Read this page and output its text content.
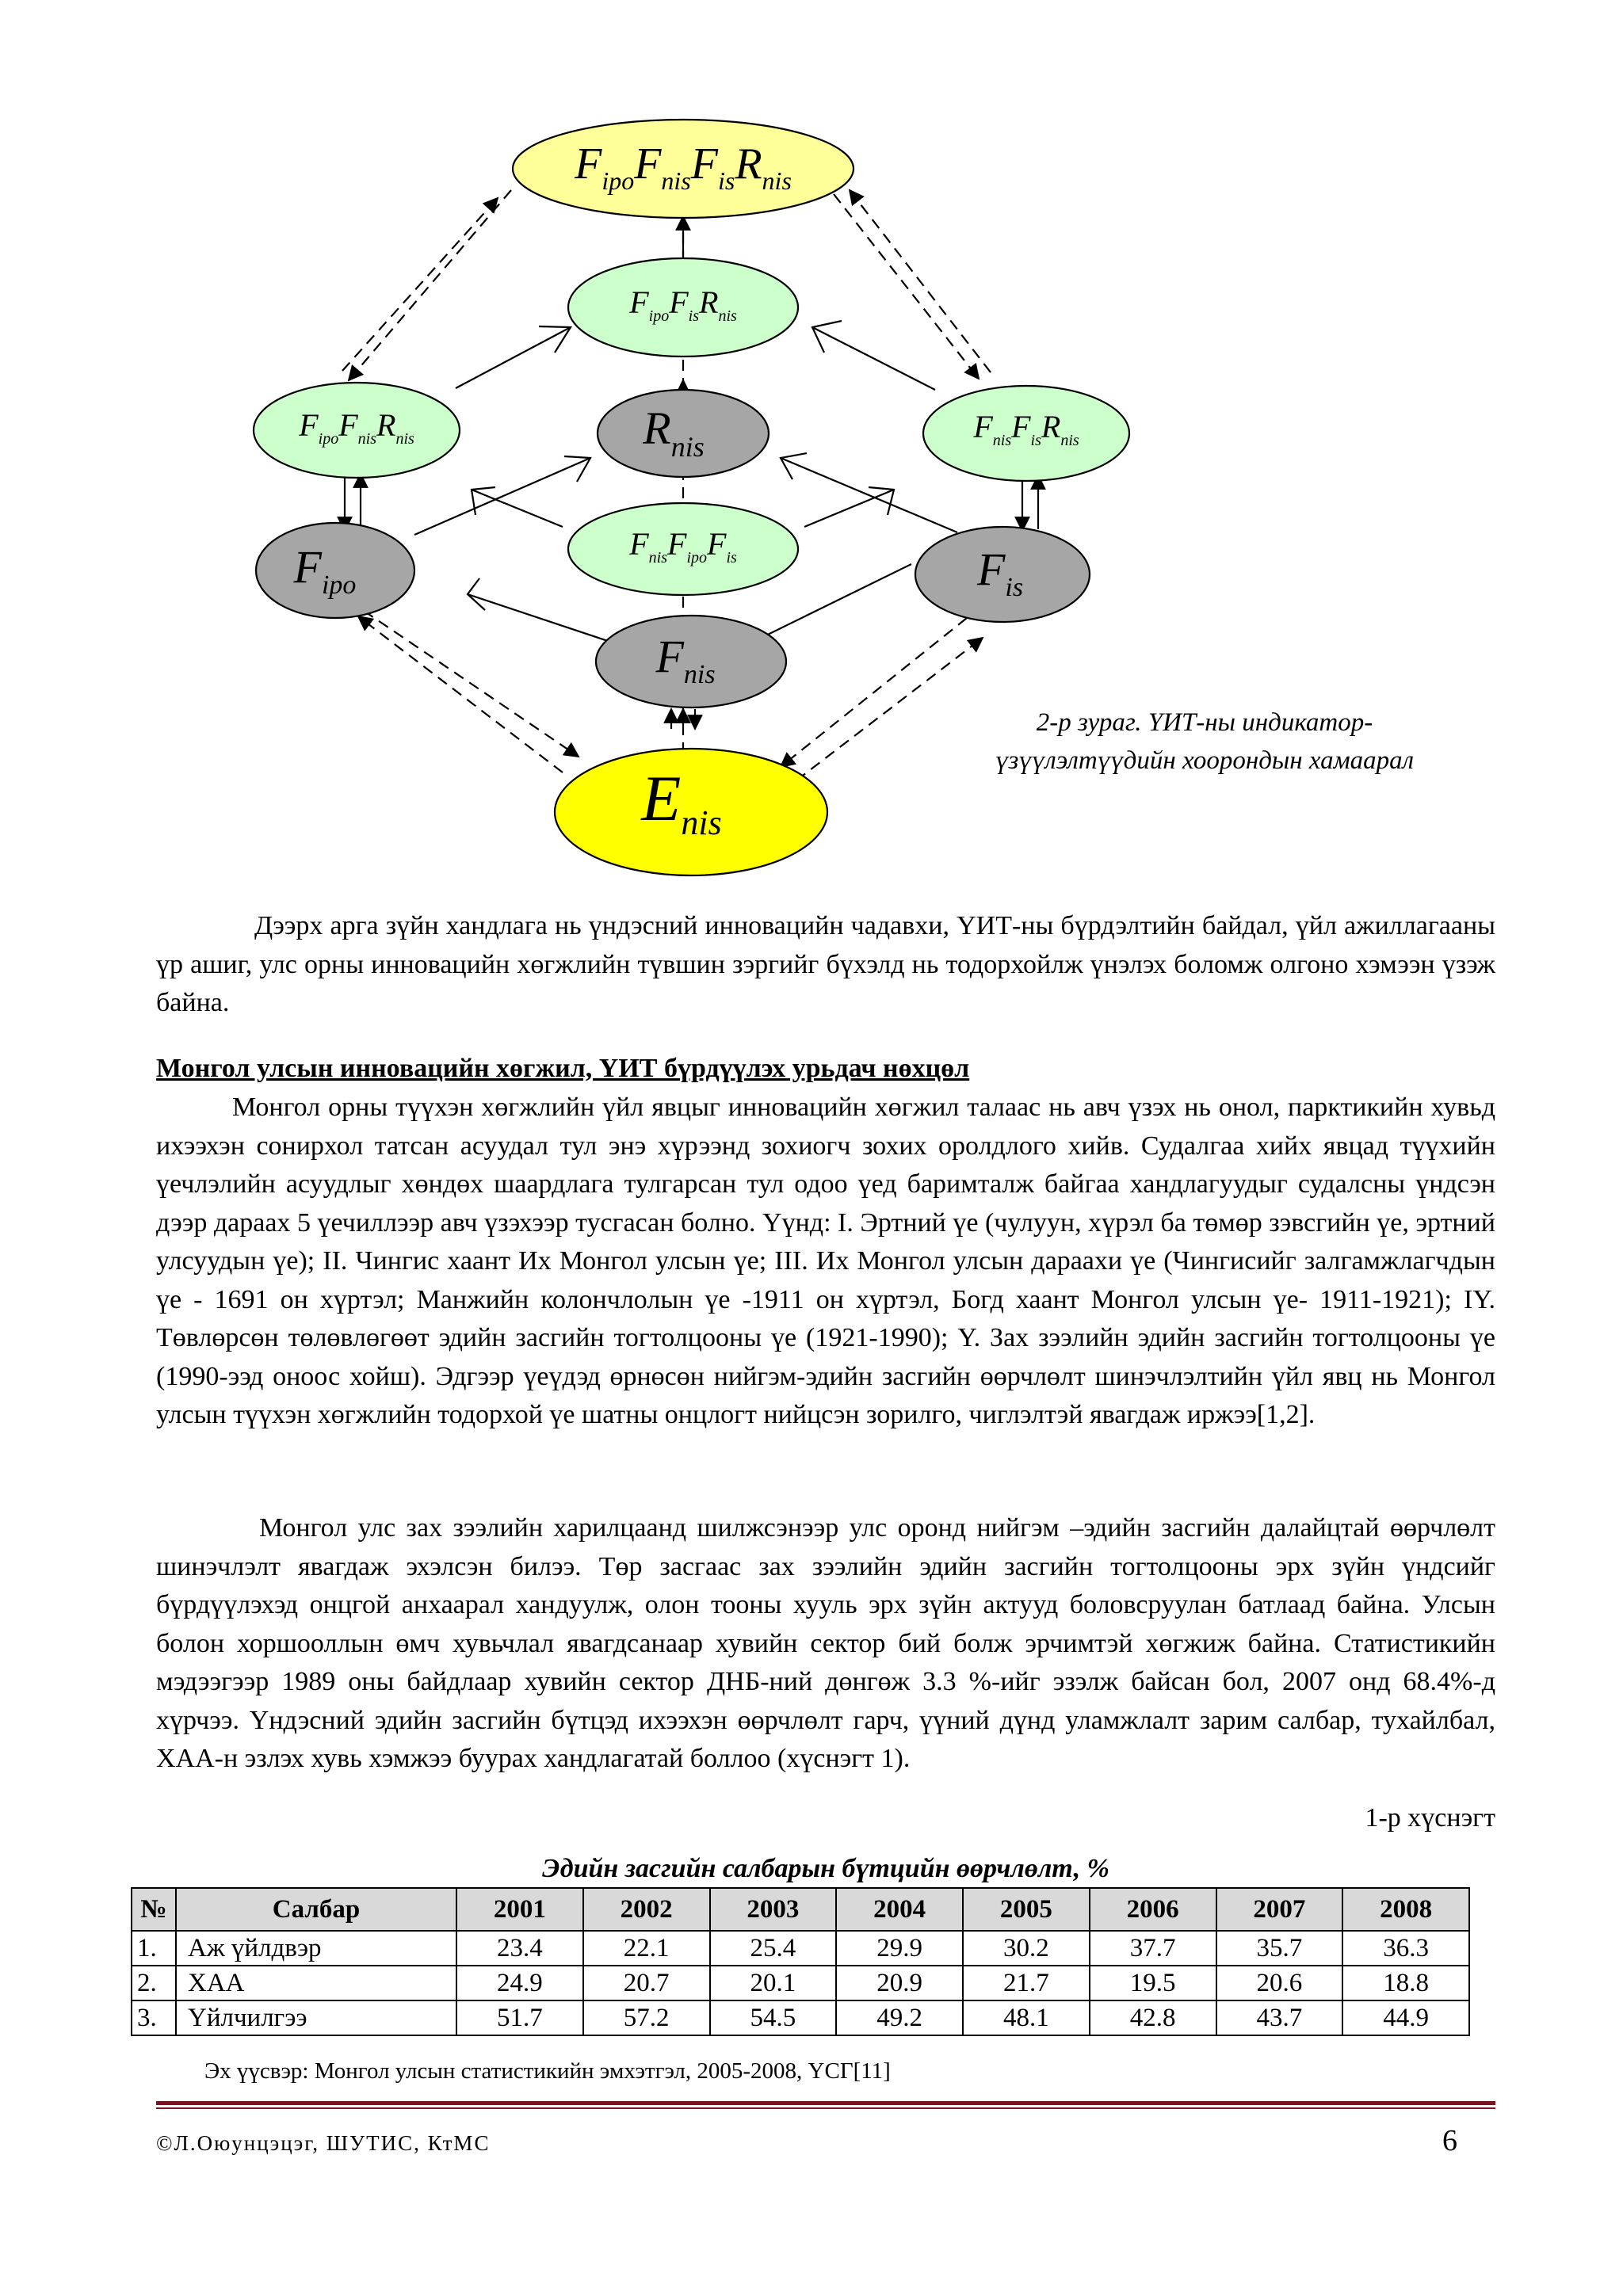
$F_{ipo}F_{nis}F_{is}R_{nis}$
$F_{ipo}F_{is}R_{nis}$
$F_{ipo}F_{nis}R_{nis}$	$R_{nis}$
$F_{nis}F_{is}R_{nis}$
$F_{nis}F_{ipo}F_{is}$
$F_{ipo}$	$F_{is}$
$F_{nis}$
$E_{nis}$
2-р зураг. ҮИТ-ны индикатор-
үзүүлэлтүүдийн хоорондын хамаарал

Дээрх арга зүйн хандлага нь үндэсний инновацийн чадавхи, ҮИТ-ны бүрдэлтийн байдал, үйл ажиллагааны үр ашиг, улс орны инновацийн хөгжлийн түвшин зэргийг бүхэлд нь тодорхойлж үнэлэх боломж олгоно хэмээн үзэж байна.

Монгол улсын инновацийн хөгжил, ҮИТ бүрдүүлэх урьдач нөхцөл

Монгол орны түүхэн хөгжлийн үйл явцыг инновацийн хөгжил талаас нь авч үзэх нь онол, парктикийн хувьд ихээхэн сонирхол татсан асуудал тул энэ хүрээнд зохиогч зохих оролдлого хийв. Судалгаа хийх явцад түүхийн үечлэлийн асуудлыг хөндөх шаардлага тулгарсан тул одоо үед баримталж байгаа хандлагуудыг судалсны үндсэн дээр дараах 5 үечиллээр авч үзэхээр тусгасан болно. Үүнд: I. Эртний үе (чулуун, хүрэл ба төмөр зэвсгийн үе, эртний улсуудын үе); II. Чингис хаант Их Монгол улсын үе; III. Их Монгол улсын дараахи үе (Чингисийг залгамжлагчдын үе - 1691 он хүртэл; Манжийн колончлолын үе -1911 он хүртэл, Богд хаант Монгол улсын үе- 1911-1921); IY. Төвлөрсөн төлөвлөгөөт эдийн засгийн тогтолцооны үе (1921-1990); Y. Зах зээлийн эдийн засгийн тогтолцооны үе (1990-ээд оноос хойш). Эдгээр үеүдэд өрнөсөн нийгэм-эдийн засгийн өөрчлөлт шинэчлэлтийн үйл явц нь Монгол улсын түүхэн хөгжлийн тодорхой үе шатны онцлогт нийцсэн зорилго, чиглэлтэй явагдаж иржээ[1,2].

Монгол улс зах зээлийн харилцаанд шилжсэнээр улс оронд нийгэм –эдийн засгийн далайцтай өөрчлөлт шинэчлэлт явагдаж эхэлсэн билээ. Төр засгаас зах зээлийн эдийн засгийн тогтолцооны эрх зүйн үндсийг бүрдүүлэхэд онцгой анхаарал хандуулж, олон тооны хууль эрх зүйн актууд боловсруулан батлаад байна. Улсын болон хоршооллын өмч хувьчлал явагдсанаар хувийн сектор бий болж эрчимтэй хөгжиж байна. Статистикийн мэдээгээр 1989 оны байдлаар хувийн сектор ДНБ-ний дөнгөж 3.3 %-ийг эзэлж байсан бол, 2007 онд 68.4%-д хүрчээ. Үндэсний эдийн засгийн бүтцэд ихээхэн өөрчлөлт гарч, үүний дүнд уламжлалт зарим салбар, тухайлбал, ХАА-н эзлэх хувь хэмжээ буурах хандлагатай боллоо (хүснэгт 1).

1-р хүснэгт
Эдийн засгийн салбарын бүтцийн өөрчлөлт, %
№	Салбар	2001	2002	2003	2004	2005	2006	2007	2008
1.	Аж үйлдвэр	23.4	22.1	25.4	29.9	30.2	37.7	35.7	36.3
2.	ХАА	24.9	20.7	20.1	20.9	21.7	19.5	20.6	18.8
3.	Үйлчилгээ	51.7	57.2	54.5	49.2	48.1	42.8	43.7	44.9
Эх үүсвэр: Монгол улсын статистикийн эмхэтгэл, 2005-2008, ҮСГ[11]
©Л.Оюунцэцэг, ШУТИС, КтМС	6
